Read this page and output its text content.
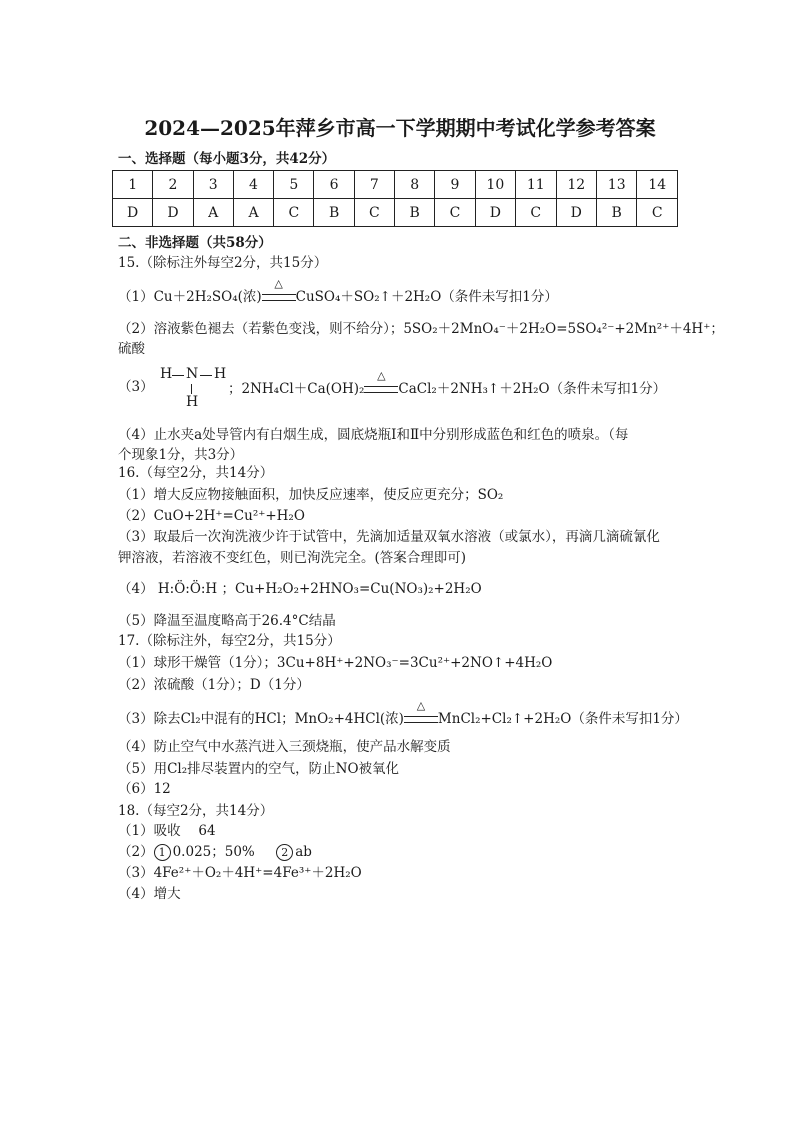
2024—2025年萍乡市高一下学期期中考试化学参考答案
一、选择题（每小题3分，共42分）
1	2	3	4	5	6	7	8	9	10	11	12	13	14
D	D	A	A	C	B	C	B	C	D	C	D	B	C
二、非选择题（共58分）
15.（除标注外每空2分，共15分）
（1）Cu＋2H₂SO₄(浓)
△
CuSO₄＋SO₂↑＋2H₂O（条件未写扣1分）
（2）溶液紫色褪去（若紫色变浅，则不给分）；5SO₂＋2MnO₄⁻＋2H₂O=5SO₄²⁻+2Mn²⁺＋4H⁺；
硫酸
（3）
H N H
H
；2NH₄Cl＋Ca(OH)₂
△
CaCl₂＋2NH₃↑＋2H₂O（条件未写扣1分）
（4）止水夹a处导管内有白烟生成，圆底烧瓶Ⅰ和Ⅱ中分别形成蓝色和红色的喷泉。（每
个现象1分，共3分）
16.（每空2分，共14分）
（1）增大反应物接触面积，加快反应速率，使反应更充分；SO₂
（2）CuO+2H⁺=Cu²⁺+H₂O
（3）取最后一次洵洗液少许于试管中，先滴加适量双氧水溶液（或氯水），再滴几滴硫氰化
钾溶液，若溶液不变红色，则已洵洗完全。(答案合理即可)
（4） H:Ö:Ö:H ；Cu+H₂O₂+2HNO₃=Cu(NO₃)₂+2H₂O
（5）降温至温度略高于26.4°C结晶
17.（除标注外，每空2分，共15分）
（1）球形干燥管（1分）；3Cu+8H⁺+2NO₃⁻=3Cu²⁺+2NO↑+4H₂O
（2）浓硫酸（1分）；D（1分）
（3）除去Cl₂中混有的HCl；MnO₂+4HCl(浓)
△
MnCl₂+Cl₂↑+2H₂O（条件未写扣1分）
（4）防止空气中水蒸汽进入三颈烧瓶，使产品水解变质
（5）用Cl₂排尽装置内的空气，防止NO被氧化
（6）12
18.（每空2分，共14分）
（1）吸收　 64
（2） 1 0.025；50% 2 ab
（3）4Fe²⁺＋O₂＋4H⁺=4Fe³⁺＋2H₂O
（4）增大
